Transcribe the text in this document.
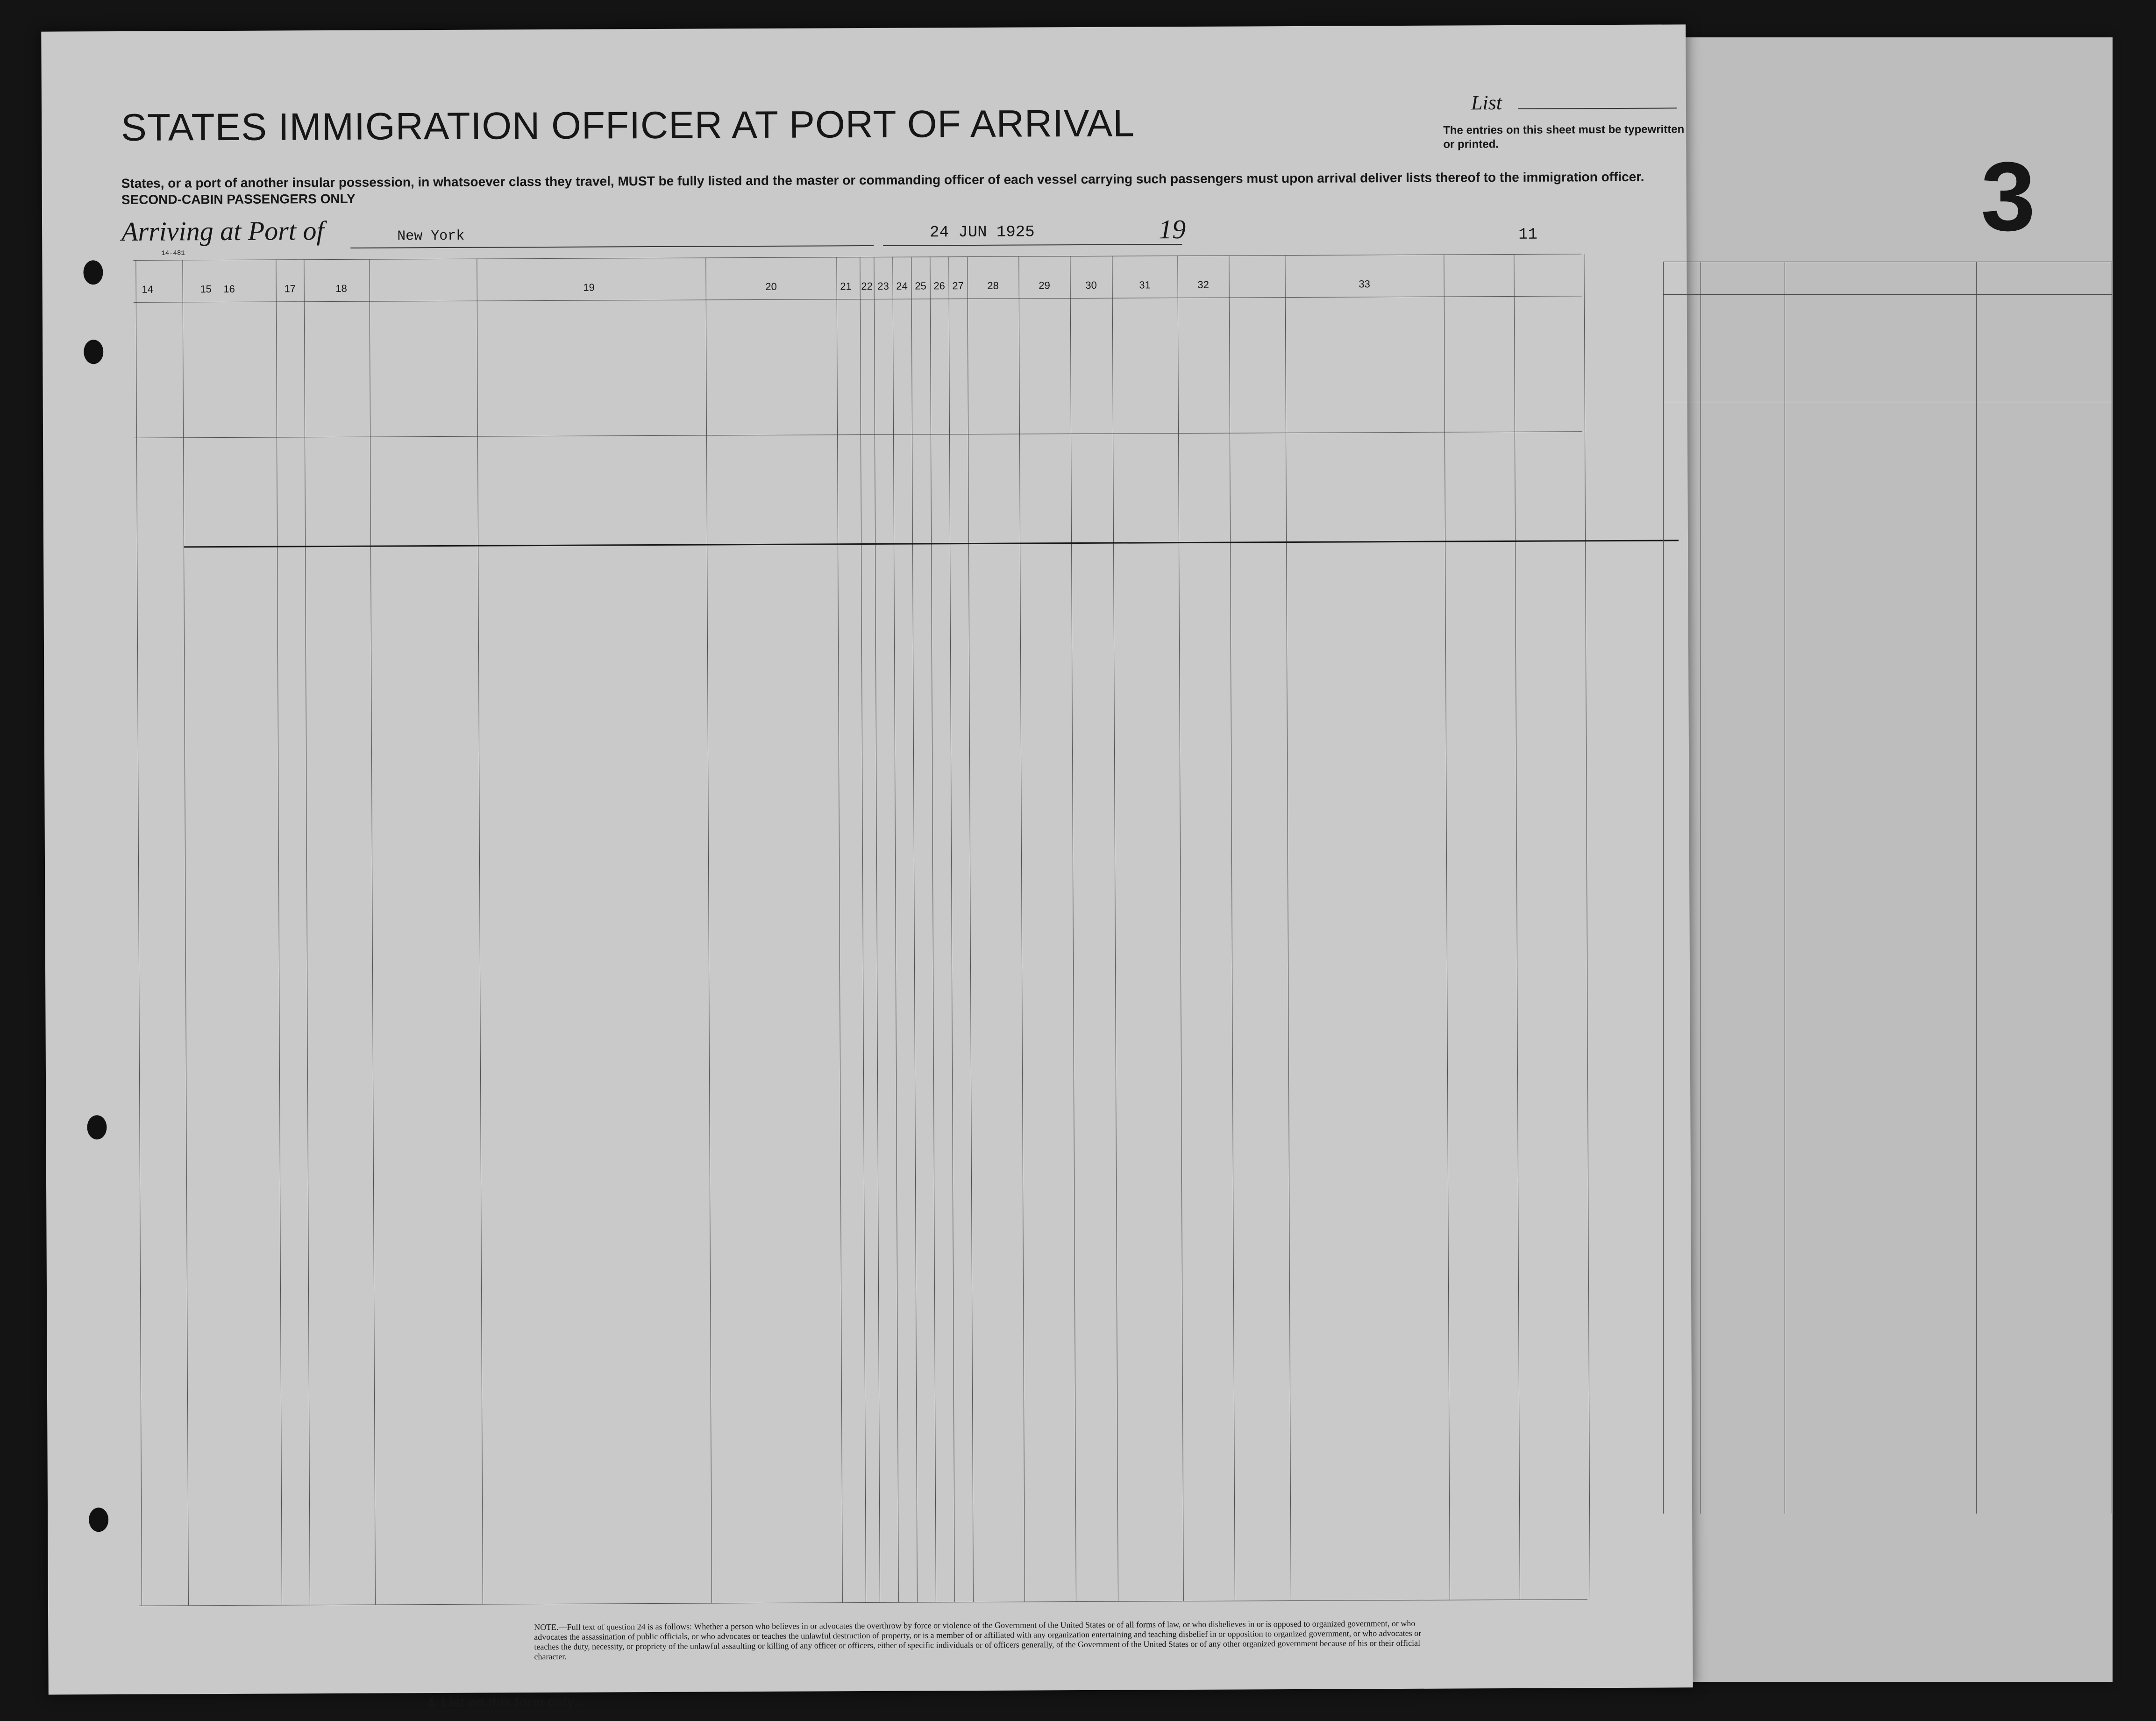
STATES IMMIGRATION OFFICER AT PORT OF ARRIVAL
States, or a port of another insular possession, in whatsoever class they travel, MUST be fully listed and the master or commanding officer of each vessel carrying such passengers must upon arrival deliver lists thereof to the immigration officer.
SECOND-CABIN PASSENGERS ONLY
Arriving at Port of	New York	24 JUN 1925	19	11
14-481
List
The entries on this sheet must be typewritten or printed.
14	15	16	17	18	19	20	21 22 23 24 25 26 27	28	29	30	31	32	33
NOTE.—Full text of question 24 is as follows: Whether a person who believes in or advocates the overthrow by force or violence of the Government of the United States or of all forms of law, or who disbelieves in or is opposed to organized government, or who advocates the assassination of public officials, or who advocates or teaches the unlawful destruction of property, or is a member of or affiliated with any organization entertaining and teaching disbelief in or opposition to organized government, or who advocates or teaches the duty, necessity, or propriety of the unlawful assaulting or killing of any officer or officers, either of specific individuals or of officers generally, of the Government of the United States or of any other organized government because of his or their official character.
4. List on this form only...
3
